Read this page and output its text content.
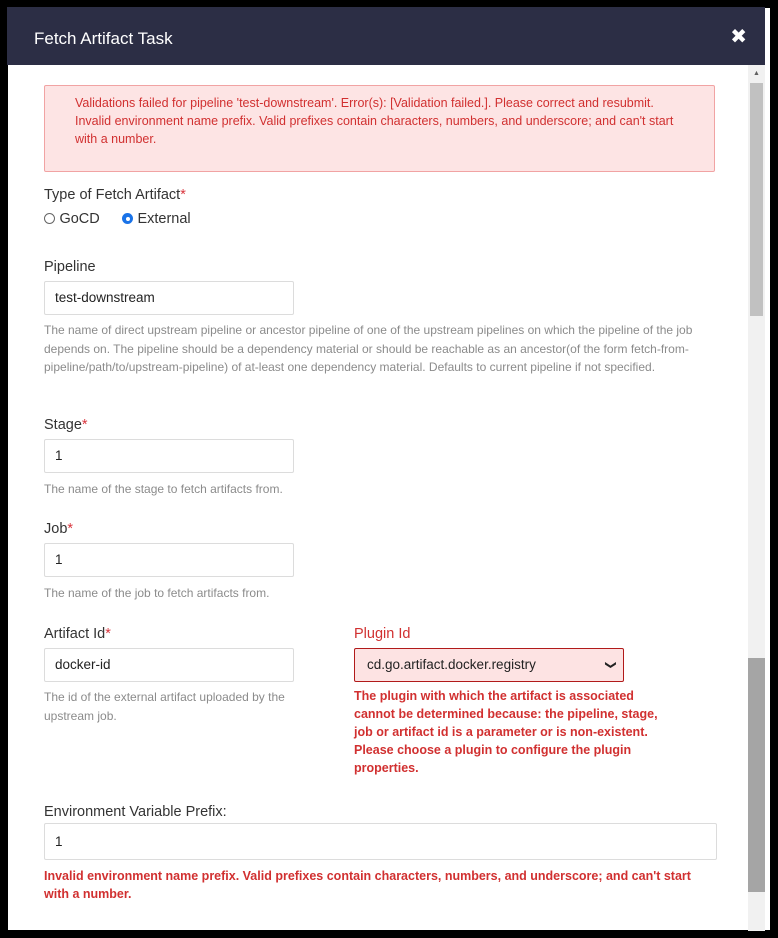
Fetch Artifact Task	✖
Validations failed for pipeline 'test-downstream'. Error(s): [Validation failed.]. Please correct and resubmit.
Invalid environment name prefix. Valid prefixes contain characters, numbers, and underscore; and can't start with a number.
Type of Fetch Artifact*
GoCD	External
Pipeline
test-downstream
The name of direct upstream pipeline or ancestor pipeline of one of the upstream pipelines on which the pipeline of the job depends on. The pipeline should be a dependency material or should be reachable as an ancestor(of the form fetch-from-pipeline/path/to/upstream-pipeline) of at-least one dependency material. Defaults to current pipeline if not specified.
Stage*
1
The name of the stage to fetch artifacts from.
Job*
1
The name of the job to fetch artifacts from.
Artifact Id*
docker-id
The id of the external artifact uploaded by the upstream job.
Plugin Id
cd.go.artifact.docker.registry	❯
The plugin with which the artifact is associated cannot be determined because: the pipeline, stage, job or artifact id is a parameter or is non-existent. Please choose a plugin to configure the plugin properties.
Environment Variable Prefix:
1
Invalid environment name prefix. Valid prefixes contain characters, numbers, and underscore; and can't start with a number.
▲
